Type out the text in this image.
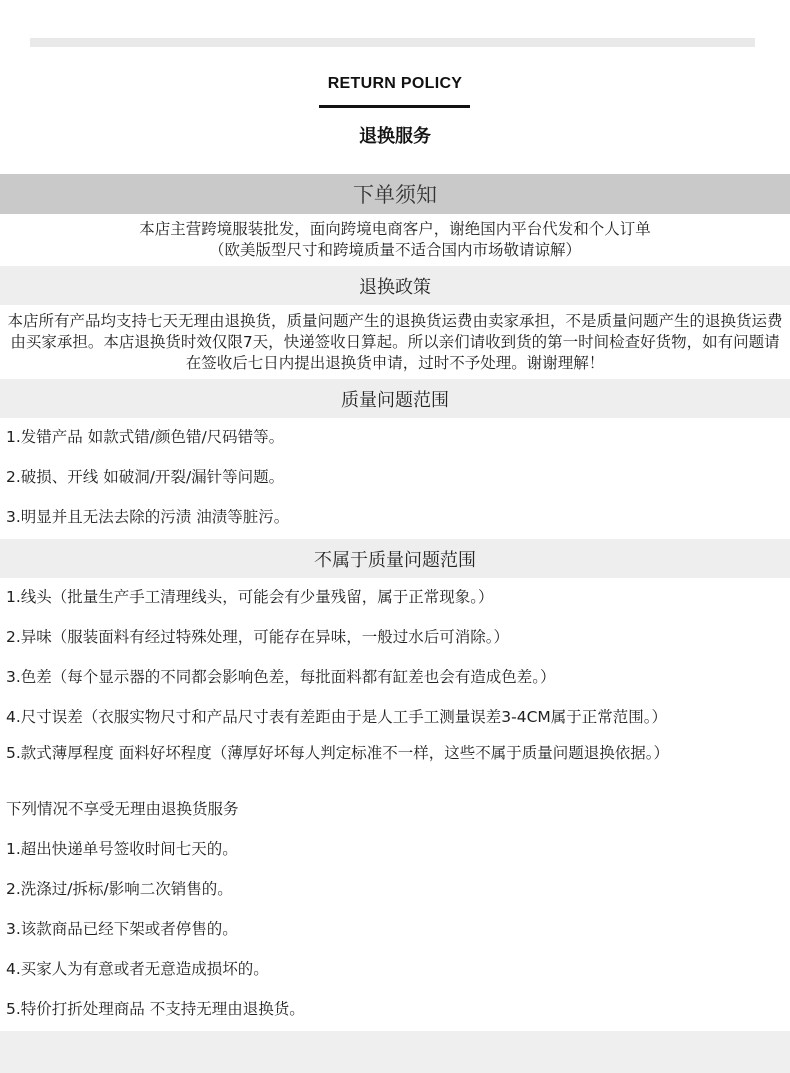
RETURN POLICY
退换服务
下单须知
本店主营跨境服装批发，面向跨境电商客户，谢绝国内平台代发和个人订单
（欧美版型尺寸和跨境质量不适合国内市场敬请谅解）
退换政策
本店所有产品均支持七天无理由退换货，质量问题产生的退换货运费由卖家承担，不是质量问题产生的退换货运费由买家承担。本店退换货时效仅限7天，快递签收日算起。所以亲们请收到货的第一时间检查好货物，如有问题请在签收后七日内提出退换货申请，过时不予处理。谢谢理解！
质量问题范围
1.发错产品 如款式错/颜色错/尺码错等。
2.破损、开线 如破洞/开裂/漏针等问题。
3.明显并且无法去除的污渍 油渍等脏污。
不属于质量问题范围
1.线头（批量生产手工清理线头，可能会有少量残留，属于正常现象。）
2.异味（服装面料有经过特殊处理，可能存在异味，一般过水后可消除。）
3.色差（每个显示器的不同都会影响色差，每批面料都有缸差也会有造成色差。）
4.尺寸误差（衣服实物尺寸和产品尺寸表有差距由于是人工手工测量误差3-4CM属于正常范围。）
5.款式薄厚程度 面料好坏程度（薄厚好坏每人判定标准不一样，这些不属于质量问题退换依据。）
下列情况不享受无理由退换货服务
1.超出快递单号签收时间七天的。
2.洗涤过/拆标/影响二次销售的。
3.该款商品已经下架或者停售的。
4.买家人为有意或者无意造成损坏的。
5.特价打折处理商品 不支持无理由退换货。
